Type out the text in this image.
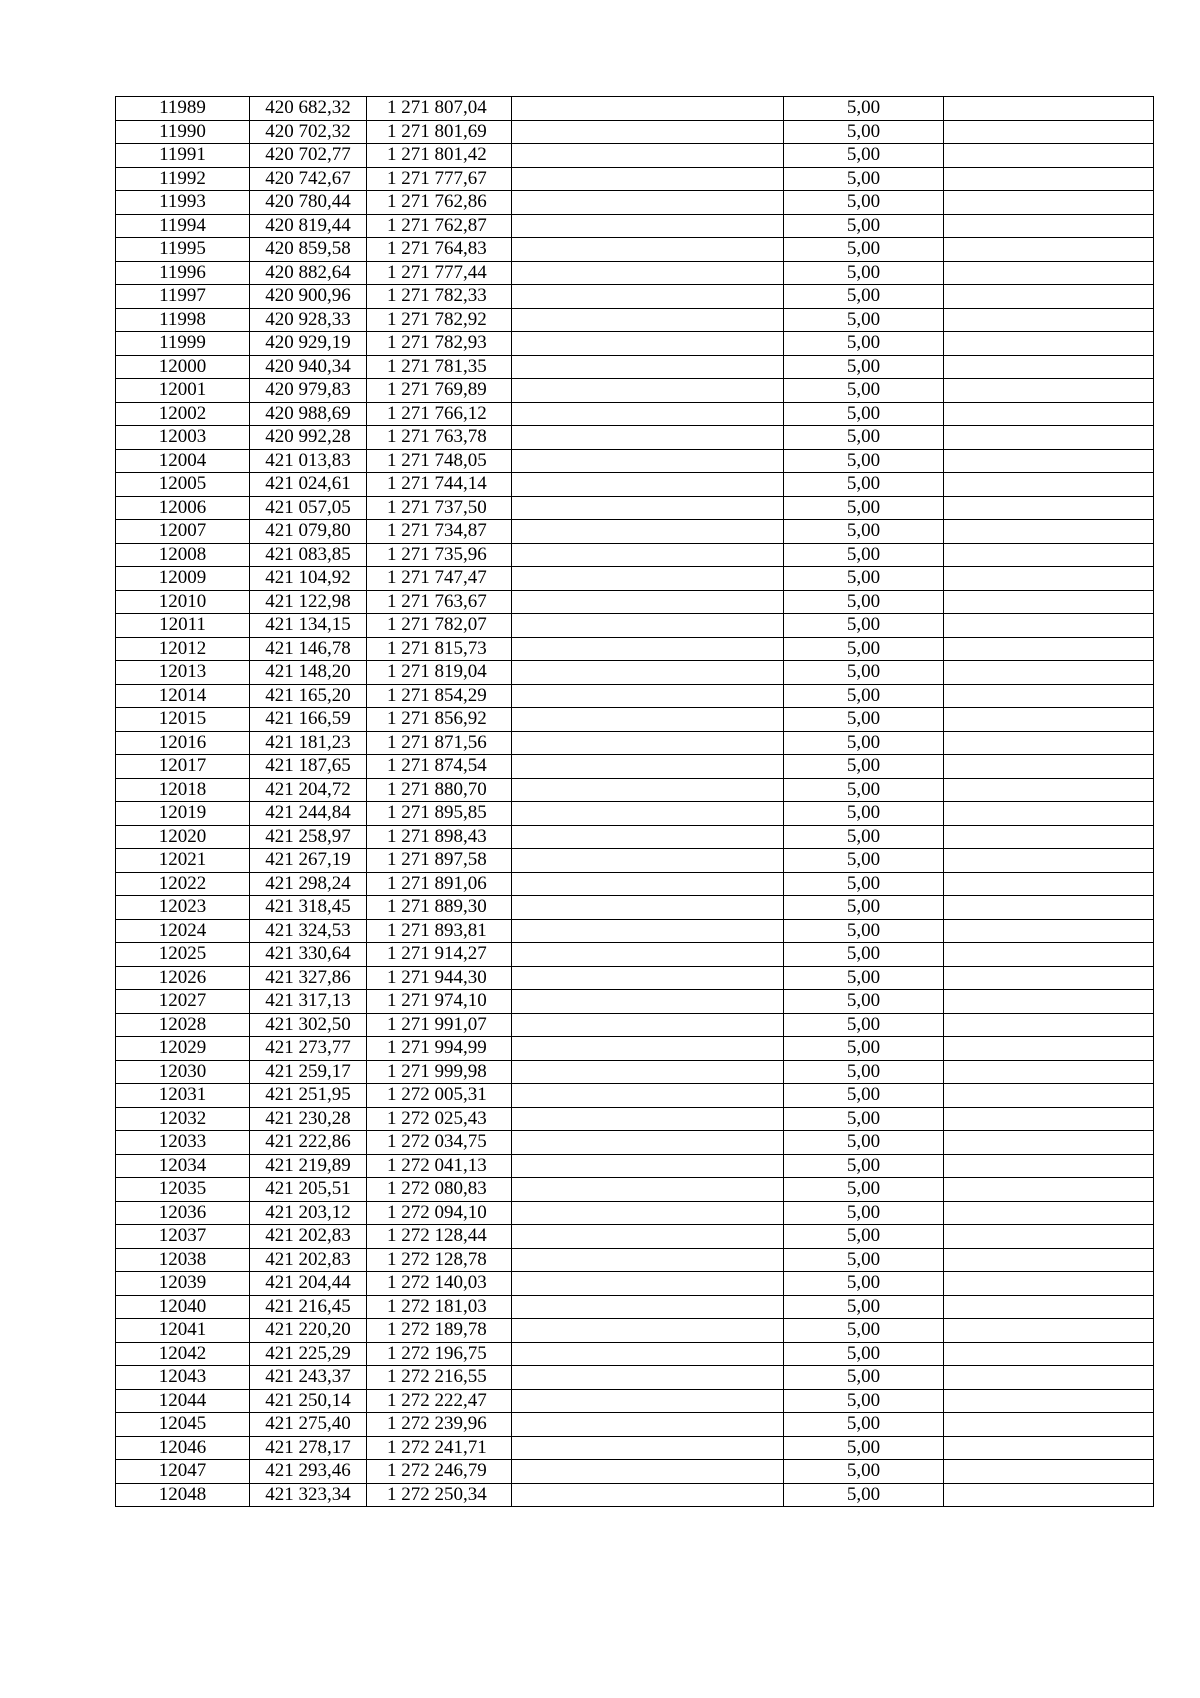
11989	420 682,32	1 271 807,04		5,00	
11990	420 702,32	1 271 801,69		5,00	
11991	420 702,77	1 271 801,42		5,00	
11992	420 742,67	1 271 777,67		5,00	
11993	420 780,44	1 271 762,86		5,00	
11994	420 819,44	1 271 762,87		5,00	
11995	420 859,58	1 271 764,83		5,00	
11996	420 882,64	1 271 777,44		5,00	
11997	420 900,96	1 271 782,33		5,00	
11998	420 928,33	1 271 782,92		5,00	
11999	420 929,19	1 271 782,93		5,00	
12000	420 940,34	1 271 781,35		5,00	
12001	420 979,83	1 271 769,89		5,00	
12002	420 988,69	1 271 766,12		5,00	
12003	420 992,28	1 271 763,78		5,00	
12004	421 013,83	1 271 748,05		5,00	
12005	421 024,61	1 271 744,14		5,00	
12006	421 057,05	1 271 737,50		5,00	
12007	421 079,80	1 271 734,87		5,00	
12008	421 083,85	1 271 735,96		5,00	
12009	421 104,92	1 271 747,47		5,00	
12010	421 122,98	1 271 763,67		5,00	
12011	421 134,15	1 271 782,07		5,00	
12012	421 146,78	1 271 815,73		5,00	
12013	421 148,20	1 271 819,04		5,00	
12014	421 165,20	1 271 854,29		5,00	
12015	421 166,59	1 271 856,92		5,00	
12016	421 181,23	1 271 871,56		5,00	
12017	421 187,65	1 271 874,54		5,00	
12018	421 204,72	1 271 880,70		5,00	
12019	421 244,84	1 271 895,85		5,00	
12020	421 258,97	1 271 898,43		5,00	
12021	421 267,19	1 271 897,58		5,00	
12022	421 298,24	1 271 891,06		5,00	
12023	421 318,45	1 271 889,30		5,00	
12024	421 324,53	1 271 893,81		5,00	
12025	421 330,64	1 271 914,27		5,00	
12026	421 327,86	1 271 944,30		5,00	
12027	421 317,13	1 271 974,10		5,00	
12028	421 302,50	1 271 991,07		5,00	
12029	421 273,77	1 271 994,99		5,00	
12030	421 259,17	1 271 999,98		5,00	
12031	421 251,95	1 272 005,31		5,00	
12032	421 230,28	1 272 025,43		5,00	
12033	421 222,86	1 272 034,75		5,00	
12034	421 219,89	1 272 041,13		5,00	
12035	421 205,51	1 272 080,83		5,00	
12036	421 203,12	1 272 094,10		5,00	
12037	421 202,83	1 272 128,44		5,00	
12038	421 202,83	1 272 128,78		5,00	
12039	421 204,44	1 272 140,03		5,00	
12040	421 216,45	1 272 181,03		5,00	
12041	421 220,20	1 272 189,78		5,00	
12042	421 225,29	1 272 196,75		5,00	
12043	421 243,37	1 272 216,55		5,00	
12044	421 250,14	1 272 222,47		5,00	
12045	421 275,40	1 272 239,96		5,00	
12046	421 278,17	1 272 241,71		5,00	
12047	421 293,46	1 272 246,79		5,00	
12048	421 323,34	1 272 250,34		5,00	
